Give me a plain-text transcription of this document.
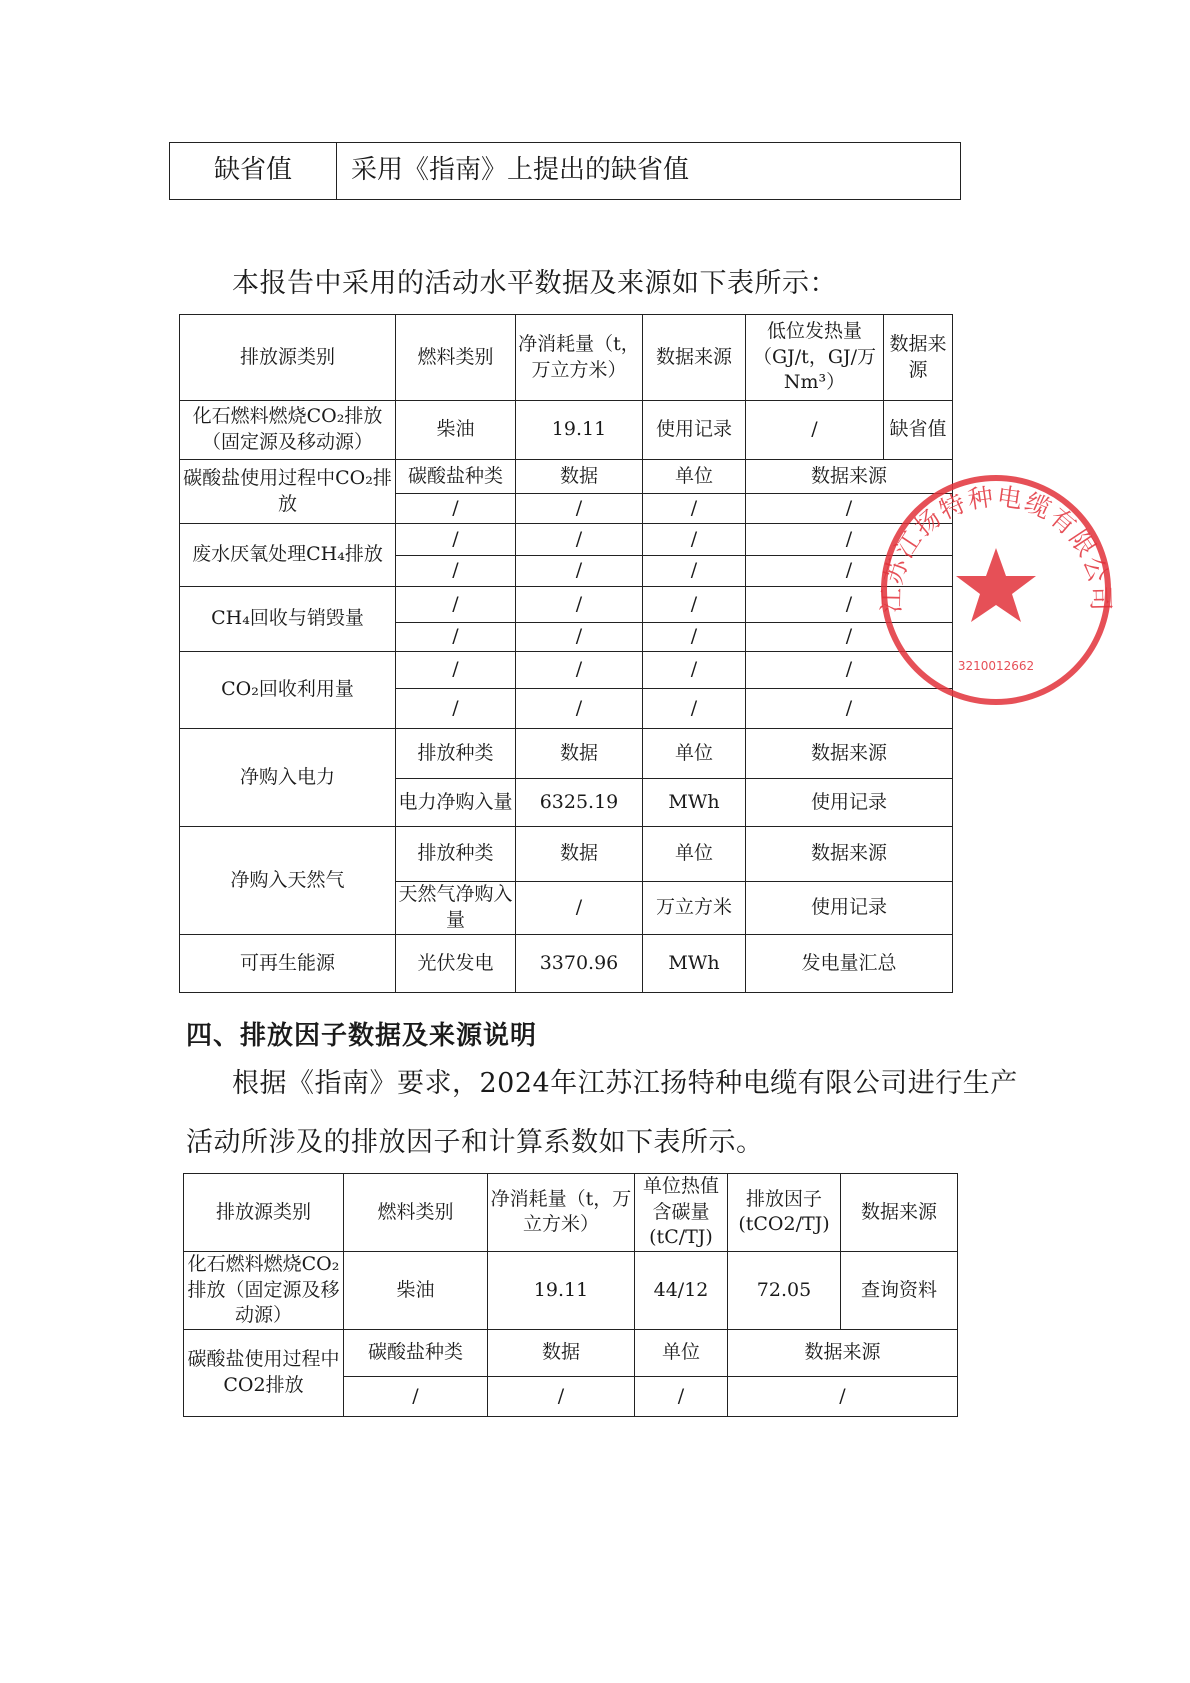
缺省值	采用《指南》上提出的缺省值
本报告中采用的活动水平数据及来源如下表所示：
排放源类别	燃料类别	净消耗量（t，万立方米）	数据来源	低位发热量（GJ/t，GJ/万Nm³）	数据来源
化石燃料燃烧CO₂排放（固定源及移动源）	柴油	19.11	使用记录	/	缺省值
碳酸盐使用过程中CO₂排放	碳酸盐种类	数据	单位	数据来源	
	/	/	/	/	
废水厌氧处理CH₄排放	/	/	/	/	
	/	/	/	/	
CH₄回收与销毁量	/	/	/	/	
	/	/	/	/	
CO₂回收利用量	/	/	/	/	
	/	/	/	/	
净购入电力	排放种类	数据	单位	数据来源	
	电力净购入量	6325.19	MWh	使用记录	
净购入天然气	排放种类	数据	单位	数据来源	
	天然气净购入量	/	万立方米	使用记录	
可再生能源	光伏发电	3370.96	MWh	发电量汇总	
江苏江扬特种电缆有限公司
3210012662
四、排放因子数据及来源说明
根据《指南》要求，2024年江苏江扬特种电缆有限公司进行生产
活动所涉及的排放因子和计算系数如下表所示。
排放源类别	燃料类别	净消耗量（t，万立方米）	单位热值含碳量(tC/TJ)	排放因子(tCO2/TJ)	数据来源
化石燃料燃烧CO₂排放（固定源及移动源）	柴油	19.11	44/12	72.05	查询资料
碳酸盐使用过程中CO2排放	碳酸盐种类	数据	单位	数据来源	
	/	/	/	/	
